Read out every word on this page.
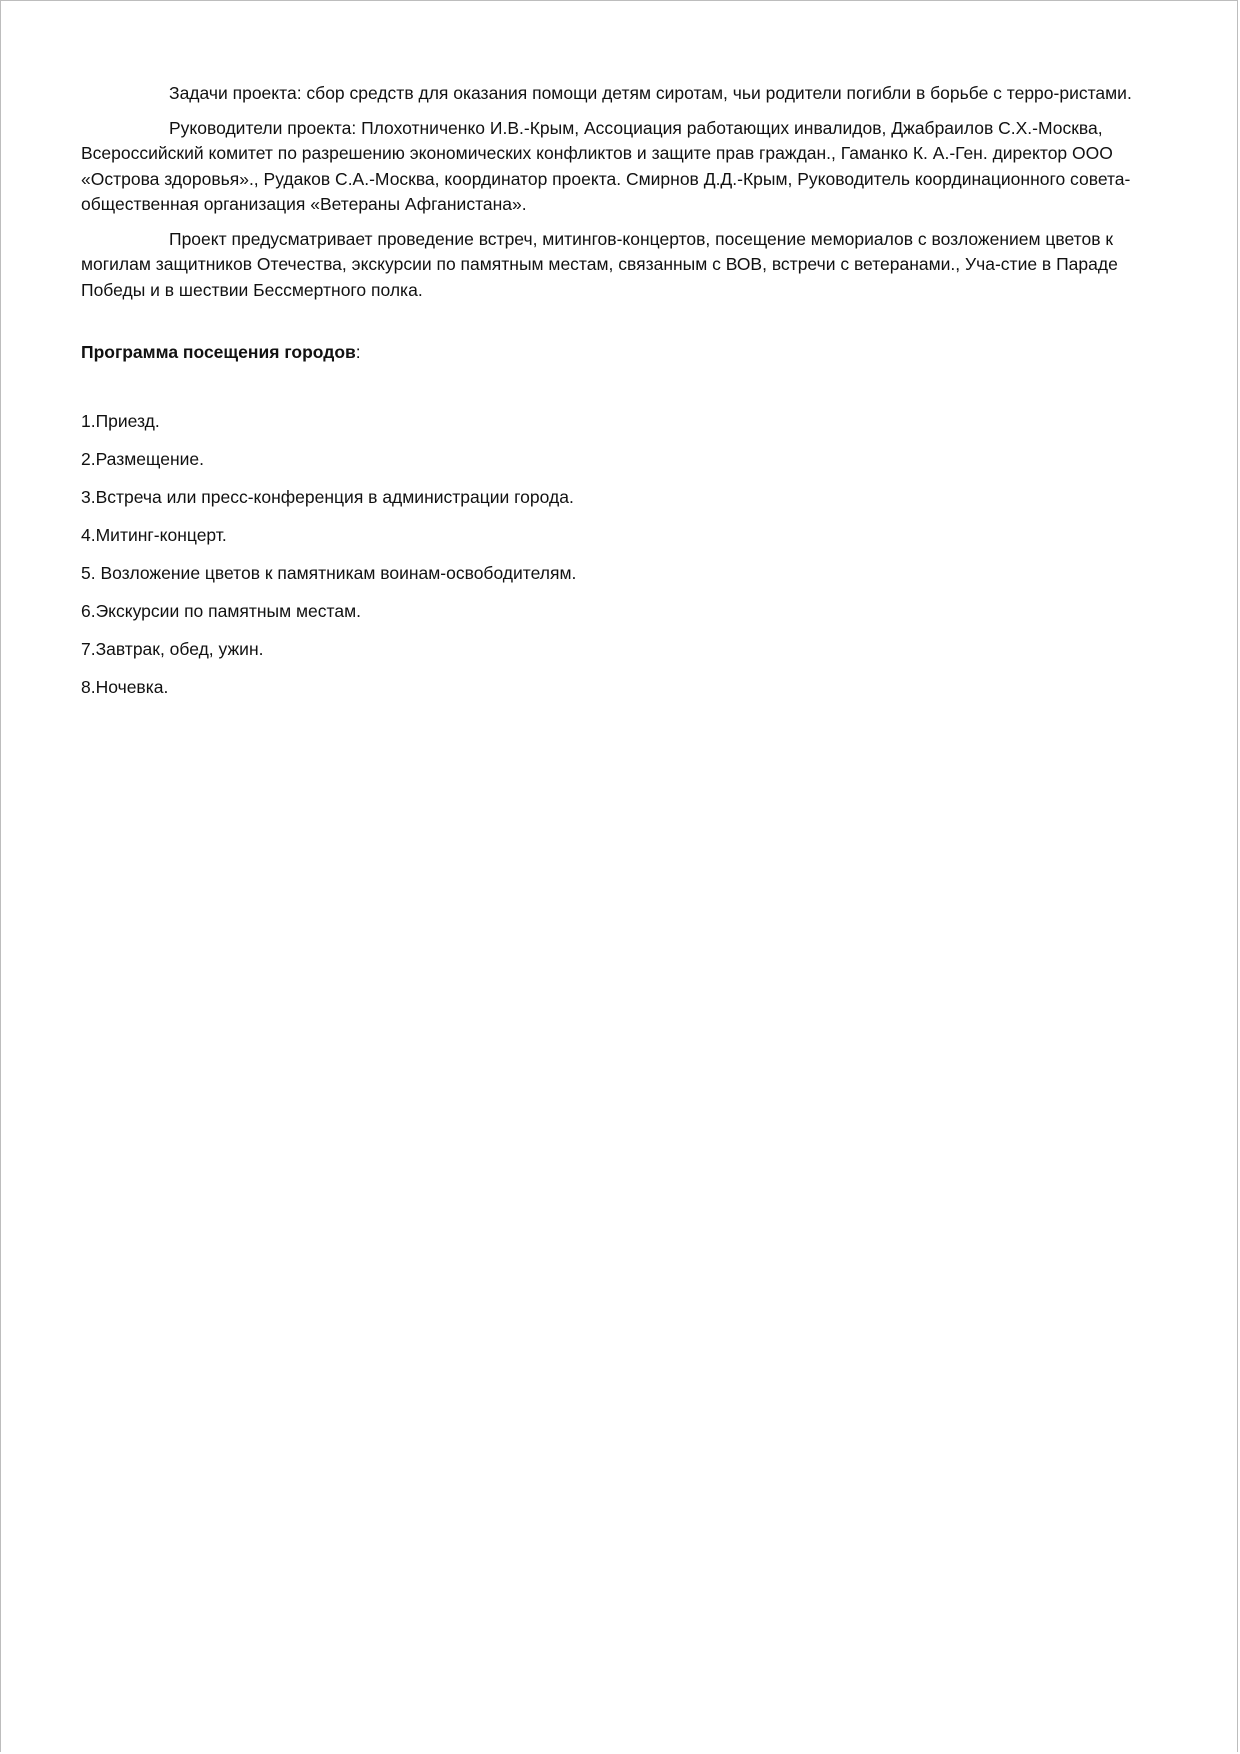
Задачи проекта: сбор средств для оказания помощи детям сиротам, чьи родители погибли в борьбе с терро-ристами.

Руководители проекта: Плохотниченко И.В.-Крым, Ассоциация работающих инвалидов, Джабраилов С.Х.-Москва, Всероссийский комитет по разрешению экономических конфликтов и защите прав граждан., Гаманко К. А.-Ген. директор ООО «Острова здоровья»., Рудаков С.А.-Москва, координатор проекта. Смирнов Д.Д.-Крым, Руководитель координационного совета-общественная организация «Ветераны Афганистана».

Проект предусматривает проведение встреч, митингов-концертов, посещение мемориалов с возложением цветов к могилам защитников Отечества, экскурсии по памятным местам, связанным с ВОВ, встречи с ветеранами., Уча-стие в Параде Победы и в шествии Бессмертного полка.

Программа посещения городов:

1.Приезд.
2.Размещение.
3.Встреча или пресс-конференция в администрации города.
4.Митинг-концерт.
5. Возложение цветов к памятникам воинам-освободителям.
6.Экскурсии по памятным местам.
7.Завтрак, обед, ужин.
8.Ночевка.
